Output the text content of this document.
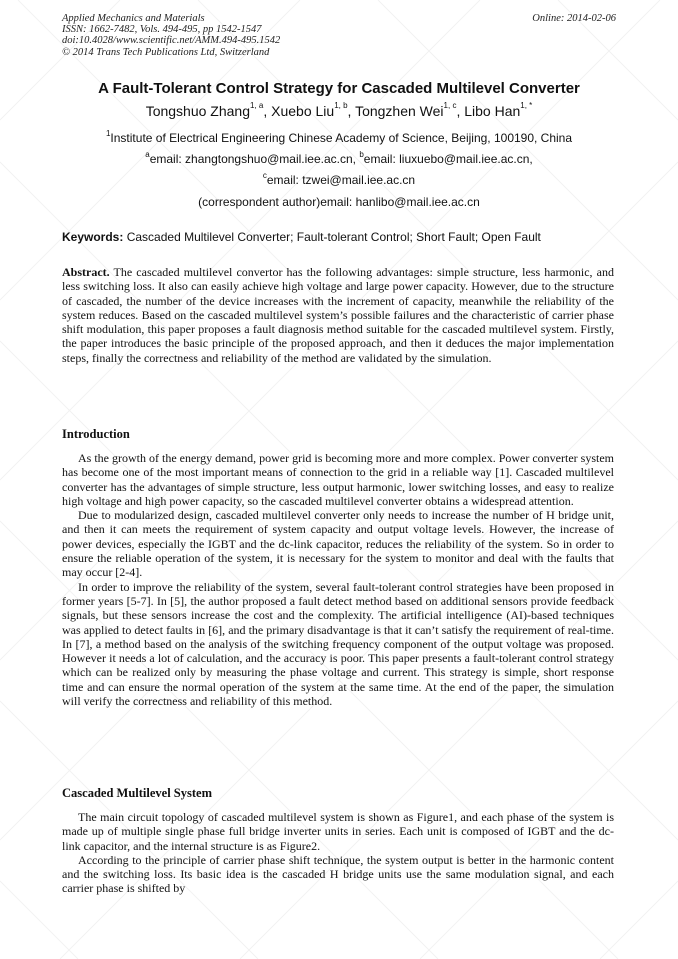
Applied Mechanics and Materials
ISSN: 1662-7482, Vols. 494-495, pp 1542-1547
doi:10.4028/www.scientific.net/AMM.494-495.1542
© 2014 Trans Tech Publications Ltd, Switzerland
Online: 2014-02-06
A Fault-Tolerant Control Strategy for Cascaded Multilevel Converter
Tongshuo Zhang$^{1, a}$, Xuebo Liu$^{1, b}$, Tongzhen Wei$^{1, c}$, Libo Han$^{1, *}$
$^1$Institute of Electrical Engineering Chinese Academy of Science, Beijing, 100190, China
$^a$email: zhangtongshuo@mail.iee.ac.cn, $^b$email: liuxuebo@mail.iee.ac.cn,
$^c$email: tzwei@mail.iee.ac.cn
(correspondent author)email: hanlibo@mail.iee.ac.cn
Keywords: Cascaded Multilevel Converter; Fault-tolerant Control; Short Fault; Open Fault

Abstract. The cascaded multilevel convertor has the following advantages: simple structure, less harmonic, and less switching loss. It also can easily achieve high voltage and large power capacity. However, due to the structure of cascaded, the number of the device increases with the increment of capacity, meanwhile the reliability of the system reduces. Based on the cascaded multilevel system’s possible failures and the characteristic of carrier phase shift modulation, this paper proposes a fault diagnosis method suitable for the cascaded multilevel system. Firstly, the paper introduces the basic principle of the proposed approach, and then it deduces the major implementation steps, finally the correctness and reliability of the method are validated by the simulation.

Introduction

As the growth of the energy demand, power grid is becoming more and more complex. Power converter system has become one of the most important means of connection to the grid in a reliable way [1]. Cascaded multilevel converter has the advantages of simple structure, less output harmonic, lower switching losses, and easy to realize high voltage and high power capacity, so the cascaded multilevel converter obtains a widespread attention.

Due to modularized design, cascaded multilevel converter only needs to increase the number of H bridge unit, and then it can meets the requirement of system capacity and output voltage levels. However, the increase of power devices, especially the IGBT and the dc-link capacitor, reduces the reliability of the system. So in order to ensure the reliable operation of the system, it is necessary for the system to monitor and deal with the faults that may occur [2-4].

In order to improve the reliability of the system, several fault-tolerant control strategies have been proposed in former years [5-7]. In [5], the author proposed a fault detect method based on additional sensors provide feedback signals, but these sensors increase the cost and the complexity. The artificial intelligence (AI)-based techniques was applied to detect faults in [6], and the primary disadvantage is that it can’t satisfy the requirement of real-time. In [7], a method based on the analysis of the switching frequency component of the output voltage was proposed. However it needs a lot of calculation, and the accuracy is poor. This paper presents a fault-tolerant control strategy which can be realized only by measuring the phase voltage and current. This strategy is simple, short response time and can ensure the normal operation of the system at the same time. At the end of the paper, the simulation will verify the correctness and reliability of this method.

Cascaded Multilevel System

The main circuit topology of cascaded multilevel system is shown as Figure1, and each phase of the system is made up of multiple single phase full bridge inverter units in series. Each unit is composed of IGBT and the dc-link capacitor, and the internal structure is as Figure2.

According to the principle of carrier phase shift technique, the system output is better in the harmonic content and the switching loss. Its basic idea is the cascaded H bridge units use the same modulation signal, and each carrier phase is shifted by
